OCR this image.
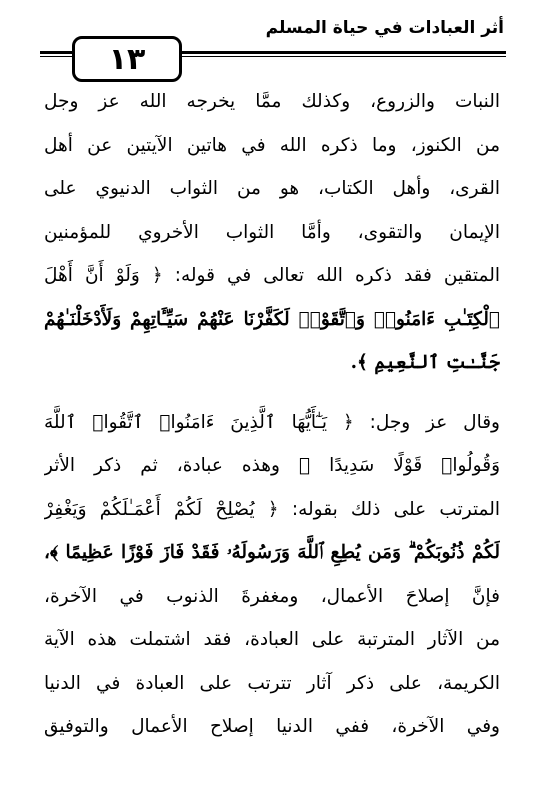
أثر العبادات في حياة المسلم
١٣
النبات والزروع، وكذلك ممَّا يخرجه الله عز وجل
من الكنوز، وما ذكره الله في هاتين الآيتين عن أهل
القرى، وأهل الكتاب، هو من الثواب الدنيوي على
الإيمان والتقوى، وأمَّا الثواب الأخروي للمؤمنين
المتقين فقد ذكره الله تعالى في قوله: ﴿ وَلَوْ أَنَّ أَهْلَ
ٱلْكِتَـٰبِ ءَامَنُوا۟ وَٱتَّقَوْا۟ لَكَفَّرْنَا عَنْهُمْ سَيِّـَٔاتِهِمْ وَلَأَدْخَلْنَـٰهُمْ
جَنَّـٰتِ ٱلنَّعِيمِ ﴾.
وقال عز وجل: ﴿ يَـٰٓأَيُّهَا ٱلَّذِينَ ءَامَنُوا۟ ٱتَّقُوا۟ ٱللَّهَ
وَقُولُوا۟ قَوْلًا سَدِيدًا ﴾ وهذه عبادة، ثم ذكر الأثر
المترتب على ذلك بقوله: ﴿ يُصْلِحْ لَكُمْ أَعْمَـٰلَكُمْ وَيَغْفِرْ
لَكُمْ ذُنُوبَكُمْ ۗ وَمَن يُطِعِ ٱللَّهَ وَرَسُولَهُۥ فَقَدْ فَازَ فَوْزًا عَظِيمًا ﴾،
فإنَّ إصلاحَ الأعمال، ومغفرةَ الذنوب في الآخرة،
من الآثار المترتبة على العبادة، فقد اشتملت هذه الآية
الكريمة، على ذكر آثار تترتب على العبادة في الدنيا
وفي الآخرة، ففي الدنيا إصلاح الأعمال والتوفيق
